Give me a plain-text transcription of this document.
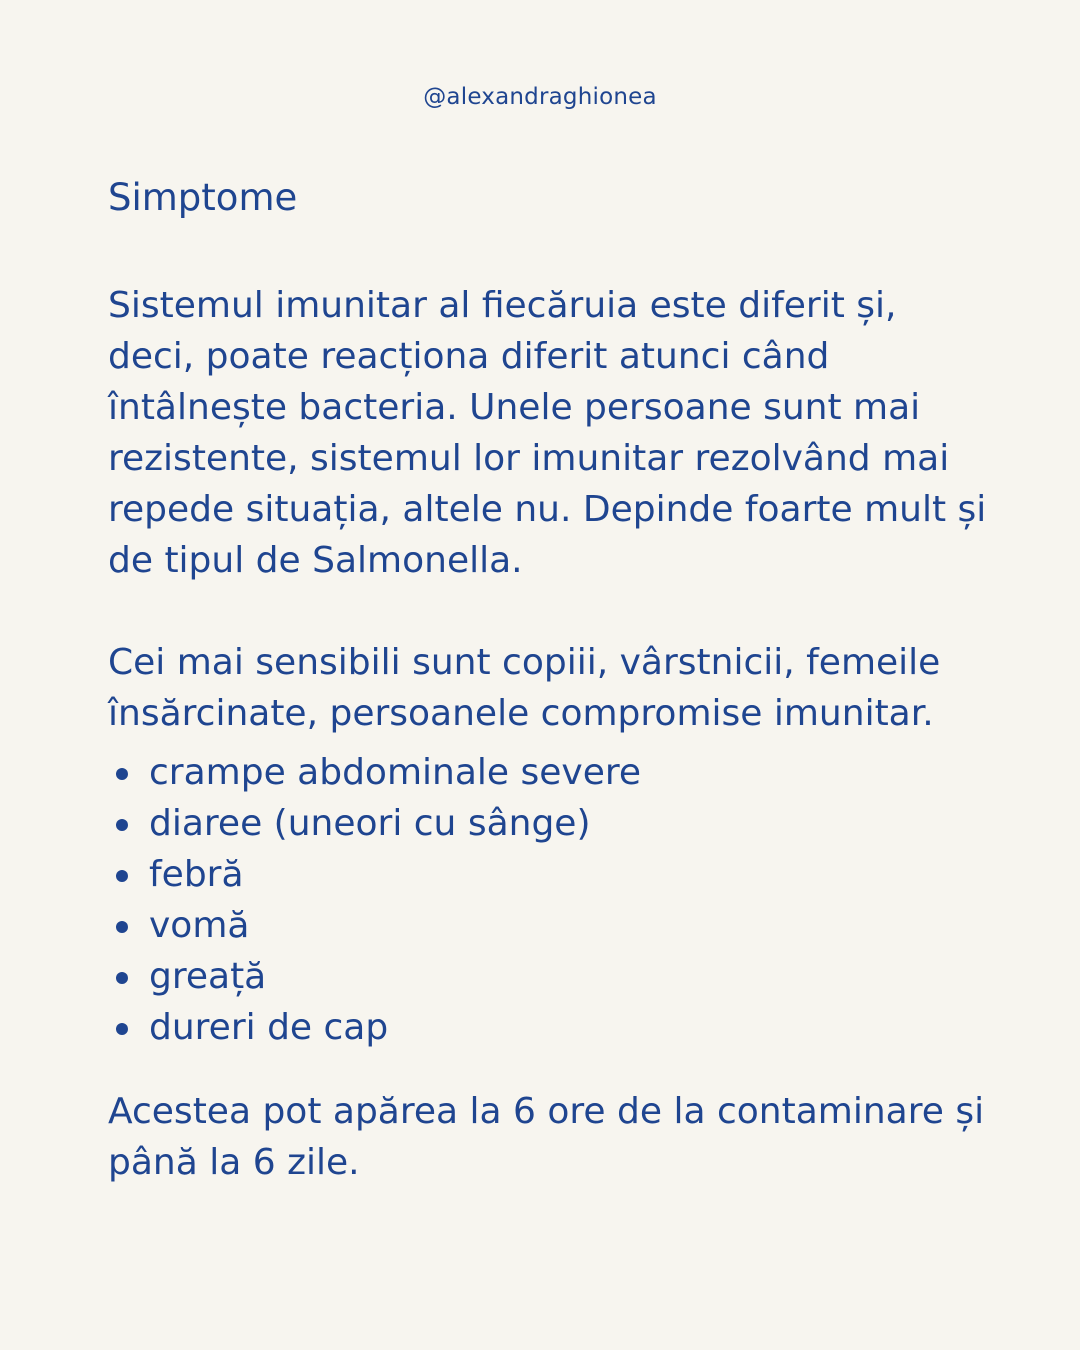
@alexandraghionea
Simptome

Sistemul imunitar al fiecăruia este diferit și, deci, poate reacționa diferit atunci când întâlnește bacteria. Unele persoane sunt mai rezistente, sistemul lor imunitar rezolvând mai repede situația, altele nu. Depinde foarte mult și de tipul de Salmonella.

Cei mai sensibili sunt copiii, vârstnicii, femeile însărcinate, persoanele compromise imunitar.

crampe abdominale severe
diaree (uneori cu sânge)
febră
vomă
greață
dureri de cap

Acestea pot apărea la 6 ore de la contaminare și până la 6 zile.
